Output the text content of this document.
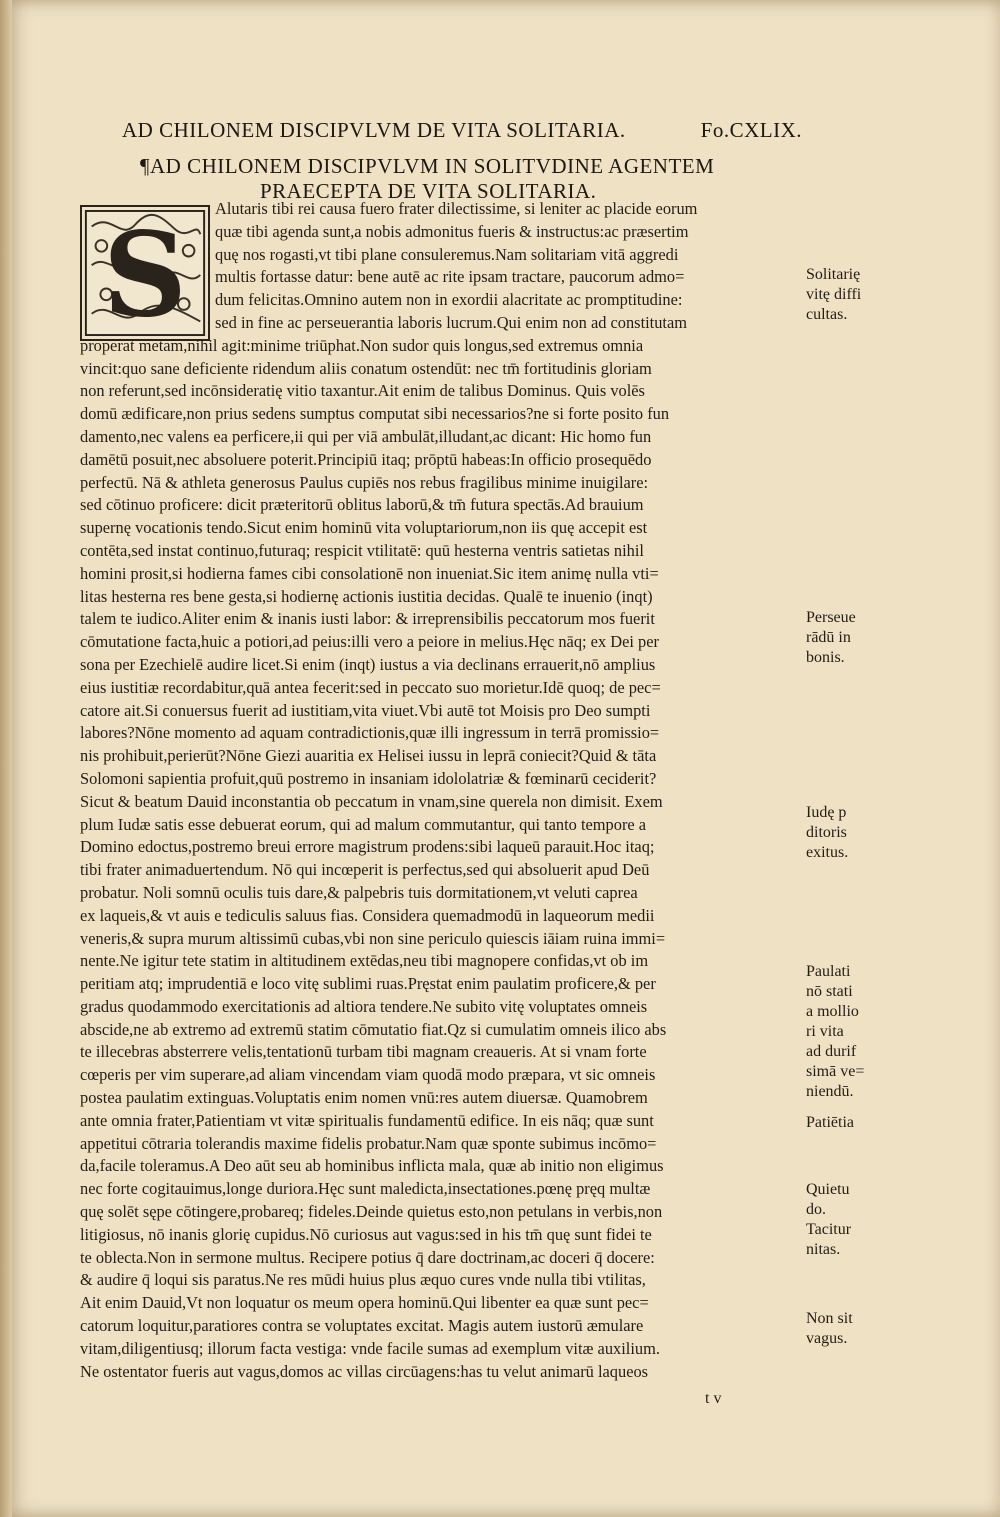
AD CHILONEM DISCIPVLVM DE VITA SOLITARIA.	Fo.CXLIX.
¶AD CHILONEM DISCIPVLVM IN SOLITVDINE AGENTEM
PRAECEPTA DE VITA SOLITARIA.
S	Alutaris tibi rei causa fuero frater dilectissime, si leniter ac placide eorum
quæ tibi agenda sunt,a nobis admonitus fueris & instructus:ac præsertim
quę nos rogasti,vt tibi plane consuleremus.Nam solitariam vitā aggredi
multis fortasse datur: bene autē ac rite ipsam tractare, paucorum admo=
dum felicitas.Omnino autem non in exordii alacritate ac promptitudine:
sed in fine ac perseuerantia laboris lucrum.Qui enim non ad constitutam
properat metam,nihil agit:minime triūphat.Non sudor quis longus,sed extremus omnia
vincit:quo sane deficiente ridendum aliis conatum ostendūt: nec tm̄ fortitudinis gloriam
non referunt,sed incōnsideratię vitio taxantur.Ait enim de talibus Dominus. Quis volēs
domū ædificare,non prius sedens sumptus computat sibi necessarios?ne si forte posito fun
damento,nec valens ea perficere,ii qui per viā ambulāt,illudant,ac dicant: Hic homo fun
damētū posuit,nec absoluere poterit.Principiū itaq; prōptū habeas:In officio prosequēdo
perfectū. Nā & athleta generosus Paulus cupiēs nos rebus fragilibus minime inuigilare:
sed cōtinuo proficere: dicit prӕteritorū oblitus laborū,& tm̄ futura spectās.Ad brauium
supernę vocationis tendo.Sicut enim hominū vita voluptariorum,non iis quę accepit est
contēta,sed instat continuo,futuraq; respicit vtilitatē: quū hesterna ventris satietas nihil
homini prosit,si hodierna fames cibi consolationē non inueniat.Sic item animę nulla vti=
litas hesterna res bene gesta,si hodiernę actionis iustitia decidas. Qualē te inuenio (inqt)
talem te iudico.Aliter enim & inanis iusti labor: & irreprensibilis peccatorum mos fuerit
cōmutatione facta,huic a potiori,ad peius:illi vero a peiore in melius.Hęc nāq; ex Dei per
sona per Ezechielē audire licet.Si enim (inqt) iustus a via declinans errauerit,nō amplius
eius iustitiӕ recordabitur,quā antea fecerit:sed in peccato suo morietur.Idē quoq; de pec=
catore ait.Si conuersus fuerit ad iustitiam,vita viuet.Vbi autē tot Moisis pro Deo sumpti
labores?Nōne momento ad aquam contradictionis,quӕ illi ingressum in terrā promissio=
nis prohibuit,perierūt?Nōne Giezi auaritia ex Helisei iussu in leprā coniecit?Quid & tāta
Solomoni sapientia profuit,quū postremo in insaniam idololatriӕ & fœminarū ceciderit?
Sicut & beatum Dauid inconstantia ob peccatum in vnam,sine querela non dimisit. Exem
plum Iudӕ satis esse debuerat eorum, qui ad malum commutantur, qui tanto tempore a
Domino edoctus,postremo breui errore magistrum prodens:sibi laqueū parauit.Hoc itaq;
tibi frater animaduertendum. Nō qui incœperit is perfectus,sed qui absoluerit apud Deū
probatur. Noli somnū oculis tuis dare,& palpebris tuis dormitationem,vt veluti caprea
ex laqueis,& vt auis e tediculis saluus fias. Considera quemadmodū in laqueorum medii
veneris,& supra murum altissimū cubas,vbi non sine periculo quiescis iāiam ruina immi=
nente.Ne igitur tete statim in altitudinem extēdas,neu tibi magnopere confidas,vt ob im
peritiam atq; imprudentiā e loco vitę sublimi ruas.Pręstat enim paulatim proficere,& per
gradus quodammodo exercitationis ad altiora tendere.Ne subito vitę voluptates omneis
abscide,ne ab extremo ad extremū statim cōmutatio fiat.Qz si cumulatim omneis ilico abs
te illecebras absterrere velis,tentationū turbam tibi magnam creaueris. At si vnam forte
cœperis per vim superare,ad aliam vincendam viam quodā modo prӕpara, vt sic omneis
postea paulatim extinguas.Voluptatis enim nomen vnū:res autem diuersӕ. Quamobrem
ante omnia frater,Patientiam vt vitӕ spiritualis fundamentū edifice. In eis nāq; quӕ sunt
appetitui cōtraria tolerandis maxime fidelis probatur.Nam quӕ sponte subimus incōmo=
da,facile toleramus.A Deo aūt seu ab hominibus inflicta mala, quӕ ab initio non eligimus
nec forte cogitauimus,longe duriora.Hęc sunt maledicta,insectationes.pœnę pręq multӕ
quę solēt sępe cōtingere,probareq; fideles.Deinde quietus esto,non petulans in verbis,non
litigiosus, nō inanis glorię cupidus.Nō curiosus aut vagus:sed in his tm̄ quę sunt fidei te
te oblecta.Non in sermone multus. Recipere potius q̄ dare doctrinam,ac doceri q̄ docere:
& audire q̄ loqui sis paratus.Ne res mūdi huius plus ӕquo cures vnde nulla tibi vtilitas,
Ait enim Dauid,Vt non loquatur os meum opera hominū.Qui libenter ea quӕ sunt pec=
catorum loquitur,paratiores contra se voluptates excitat. Magis autem iustorū ӕmulare
vitam,diligentiusq; illorum facta vestiga: vnde facile sumas ad exemplum vitӕ auxilium.
Ne ostentator fueris aut vagus,domos ac villas circūagens:has tu velut animarū laqueos
Solitarię
vitę diffi
cultas.
Perseue
rādū in
bonis.
Iudę pᷓ
ditoris
exitus.
Paulati
nō stati
a mollio
ri vita
ad durif
simā ve=
niendū.
Patiētia
Quietu
do.
Tacitur
nitas.
Non sit
vagus.
t v
